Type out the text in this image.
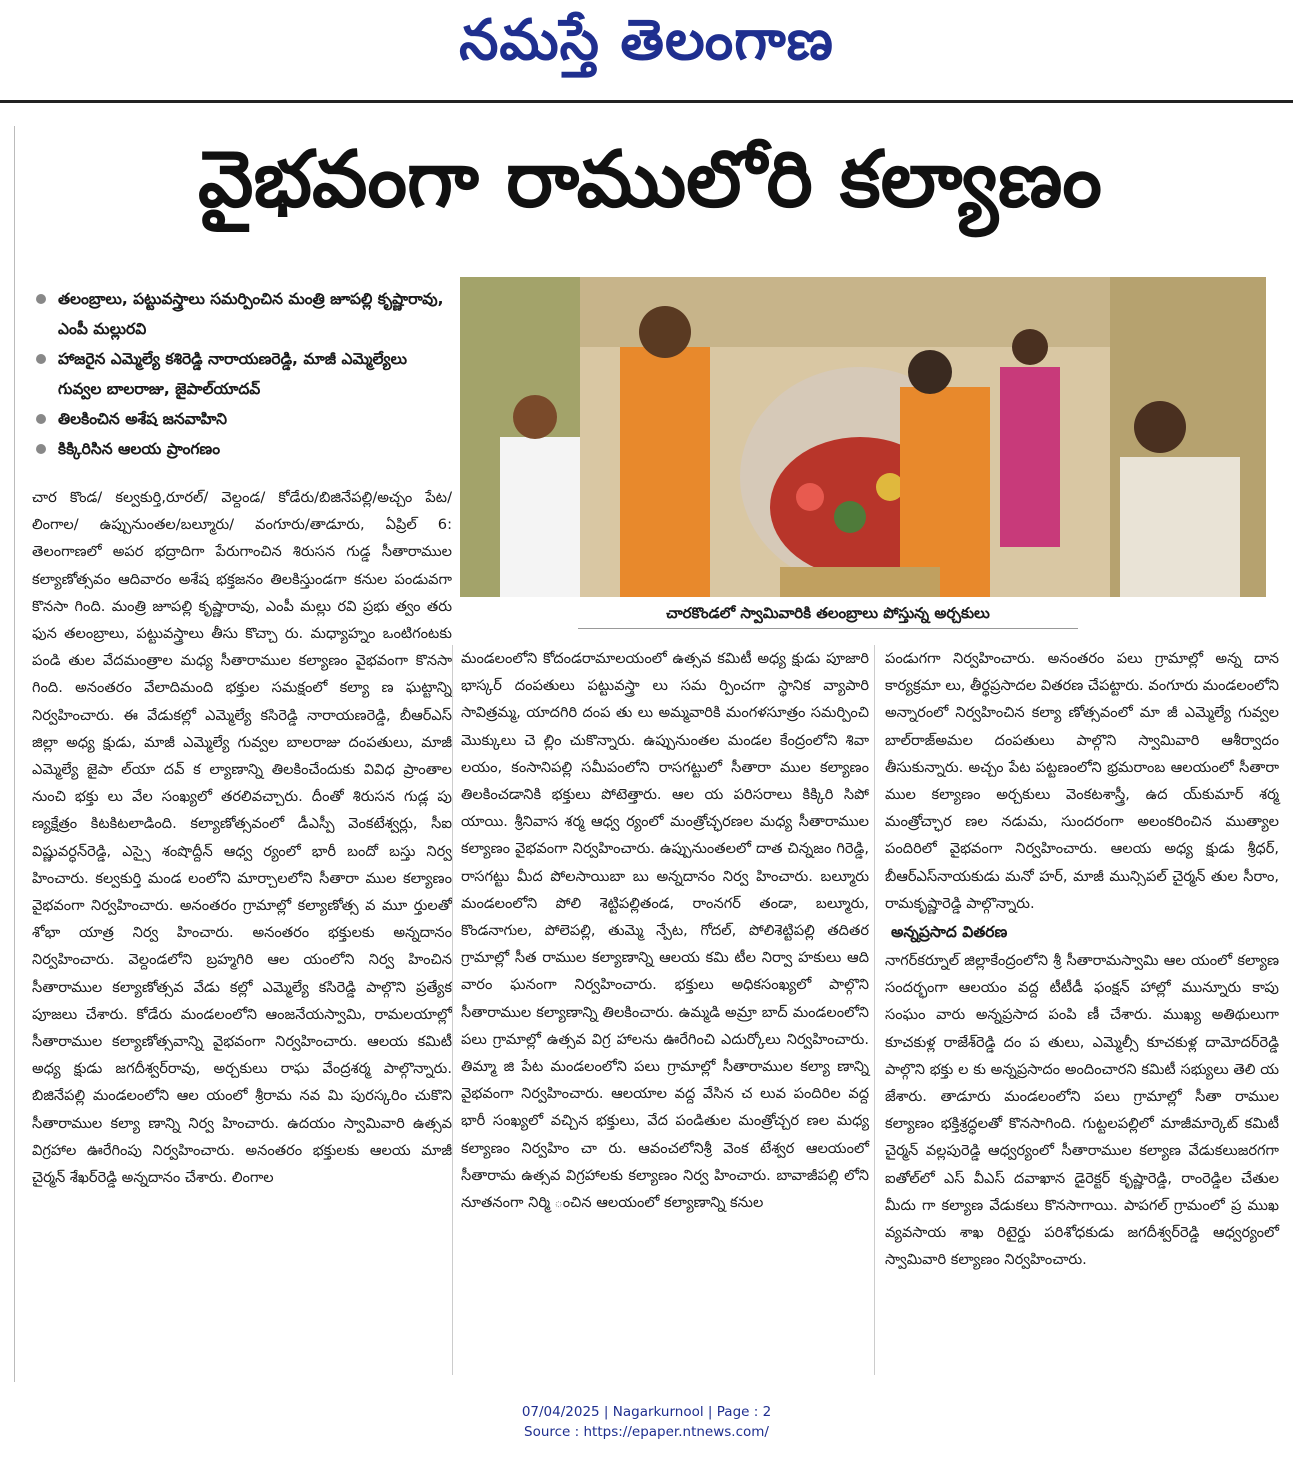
నమస్తే తెలంగాణ
వైభవంగా రాములోరి కల్యాణం
తలంబ్రాలు, పట్టువస్త్రాలు సమర్పించిన మంత్రి జూపల్లి కృష్ణారావు, ఎంపీ మల్లురవి
హాజరైన ఎమ్మెల్యే కశిరెడ్డి నారాయణరెడ్డి, మాజీ ఎమ్మెల్యేలు గువ్వల బాలరాజు, జైపాల్‌యాదవ్
తిలకించిన అశేష జనవాహిని
కిక్కిరిసిన ఆలయ ప్రాంగణం
చారకొండలో స్వామివారికి తలంబ్రాలు పోస్తున్న అర్చకులు

చార కొండ/ కల్వకుర్తి,రూరల్/ వెల్దండ/ కోడేరు/బిజినేపల్లి/అచ్చం పేట/ లింగాల/ ఉప్పునుంతల/బల్మూరు/ వంగూరు/తాడూరు, ఏప్రిల్ 6: తెలంగాణలో అపర భద్రాదిగా పేరుగాంచిన శిరుసన గుడ్డ సీతారాముల కల్యాణోత్సవం ఆదివారం అశేష భక్తజనం తిలకిస్తుండగా కనుల పండువగా కొనసా గింది. మంత్రి జూపల్లి కృష్ణారావు, ఎంపీ మల్లు రవి ప్రభు త్వం తరు ఫున తలంబ్రాలు, పట్టువస్త్రాలు తీసు కొచ్చా రు. మధ్యాహ్నం ఒంటిగంటకు పండి తుల వేదమంత్రాల మధ్య సీతారాముల కల్యాణం వైభవంగా కొనసా గింది. అనంతరం వేలాదిమంది భక్తుల సమక్షంలో కల్యా ణ ఘట్టాన్ని నిర్వహించారు. ఈ వేడుకల్లో ఎమ్మెల్యే కసిరెడ్డి నారాయణరెడ్డి, బీఆర్‌ఎస్ జిల్లా అధ్య క్షుడు, మాజీ ఎమ్మెల్యే గువ్వల బాలరాజు దంపతులు, మాజీ ఎమ్మెల్యే జైపా ల్‌యా దవ్ క ల్యాణాన్ని తిలకించేందుకు వివిధ ప్రాంతాల నుంచి భక్తు లు వేల సంఖ్యలో తరలివచ్చారు. దీంతో శిరుసన గుడ్ల పు ణ్యక్షేత్రం కిటకిటలాడింది. కల్యాణోత్సవంలో డీఎస్పీ వెంకటేశ్వర్లు, సీఐ విష్ణువర్ధన్‌రెడ్డి, ఎస్సై శంషొద్దీన్ ఆధ్వ ర్యంలో భారీ బందో బస్తు నిర్వ హించారు. కల్వకుర్తి మండ లంలోని మార్చాలలోని సీతారా ముల కల్యాణం వైభవంగా నిర్వహించారు. అనంతరం గ్రామాల్లో కల్యాణోత్స వ మూ ర్తులతో శోభా యాత్ర నిర్వ హించారు. అనంతరం భక్తులకు అన్నదానం నిర్వహించారు. వెల్దండలోని బ్రహ్మగిరి ఆల యంలోని నిర్వ హించిన సీతారాముల కల్యాణోత్సవ వేడు కల్లో ఎమ్మెల్యే కసిరెడ్డి పాల్గొని ప్రత్యేక పూజలు చేశారు. కోడేరు మండలంలోని ఆంజనేయస్వామి, రామలయాల్లో సీతారాముల కల్యాణోత్సవాన్ని వైభవంగా నిర్వహించారు. ఆలయ కమిటీ అధ్య క్షుడు జగదీశ్వర్‌రావు, అర్చకులు రాఘ వేంద్రశర్మ పాల్గొన్నారు. బిజినేపల్లి మండలంలోని ఆల యంలో శ్రీరామ నవ మి పురస్కరిం చుకొని సీతారాముల కల్యా ణాన్ని నిర్వ హించారు. ఉదయం స్వామివారి ఉత్సవ విగ్రహాల ఊరేగింపు నిర్వహించారు. అనంతరం భక్తులకు ఆలయ మాజీ చైర్మన్ శేఖర్‌రెడ్డి అన్నదానం చేశారు. లింగాల

మండలంలోని కోదండరామాలయంలో ఉత్సవ కమిటీ అధ్య క్షుడు పూజారి భాస్కర్ దంపతులు పట్టువస్త్రా లు సమ ర్పించగా స్థానిక వ్యాపారి సావిత్రమ్మ, యాదగిరి దంప తు లు అమ్మవారికి మంగళసూత్రం సమర్పించి మొక్కులు చె ల్లిం చుకొన్నారు. ఉప్పునుంతల మండల కేంద్రంలోని శివా లయం, కంసానిపల్లి సమీపంలోని రాసగట్టులో సీతారా ముల కల్యాణం తిలకించడానికి భక్తులు పోటెత్తారు. ఆల య పరిసరాలు కిక్కిరి సిపో యాయి. శ్రీనివాస శర్మ ఆధ్వ ర్యంలో మంత్రోచ్ఛరణల మధ్య సీతారాముల కల్యాణం వైభవంగా నిర్వహించారు. ఉప్పునుంతలలో దాత చిన్నజం గిరెడ్డి, రాసగట్టు మీద పోలసాయిబా బు అన్నదానం నిర్వ హించారు. బల్మూరు మండలంలోని పోలి శెట్టిపల్లితండ, రాంనగర్ తండా, బల్మూరు, కొండనాగుల, పోలెపల్లి, తుమ్మె న్పేట, గోదల్, పోలిశెట్టిపల్లి తదితర గ్రామాల్లో సీత రాముల కల్యాణాన్ని ఆలయ కమి టీల నిర్వా హకులు ఆది వారం ఘనంగా నిర్వహించారు. భక్తులు అధికసంఖ్యలో పాల్గొని సీతారాముల కల్యాణాన్ని తిలకించారు. ఉమ్మడి అమ్రా బాద్ మండలంలోని పలు గ్రామాల్లో ఉత్సవ విగ్ర హాలను ఊరేగించి ఎదుర్కోలు నిర్వహించారు. తిమ్మా జి పేట మండలంలోని పలు గ్రామాల్లో సీతారాముల కల్యా ణాన్ని వైభవంగా నిర్వహించారు. ఆలయాల వద్ద వేసిన చ లువ పందిరిల వద్ద భారీ సంఖ్యలో వచ్చిన భక్తులు, వేద పండితుల మంత్రోచ్చర ణల మధ్య కల్యాణం నిర్వహిం చా రు. ఆవంచలోనిశ్రీ వెంక టేశ్వర ఆలయంలో సీతారామ ఉత్సవ విగ్రహాలకు కల్యాణం నిర్వ హించారు. బావాజీపల్లి లోని నూతనంగా నిర్మి ంచిన ఆలయంలో కల్యాణాన్ని కనుల

పండుగగా నిర్వహించారు. అనంతరం పలు గ్రామాల్లో అన్న దాన కార్యక్రమా లు, తీర్థప్రసాదల వితరణ చేపట్టారు. వంగూరు మండలంలోని అన్నారంలో నిర్వహించిన కల్యా ణోత్సవంలో మా జీ ఎమ్మెల్యే గువ్వల బాల్‌రాజ్‌అమల దంపతులు పాల్గొని స్వామివారి ఆశీర్వాదం తీసుకున్నారు. అచ్చం పేట పట్టణంలోని భ్రమరాంబ ఆలయంలో సీతారా ముల కల్యాణం అర్చకులు వెంకటశాస్త్రీ, ఉద య్‌కుమార్ శర్మ మంత్రోచ్ఛార ణల నడుమ, సుందరంగా అలంకరించిన ముత్యాల పందిరిలో వైభవంగా నిర్వహించారు. ఆలయ అధ్య క్షుడు శ్రీధర్, బీఆర్‌ఎస్‌నాయకుడు మనో హర్, మాజీ మున్సిపల్ చైర్మన్ తుల సీరాం, రామకృష్ణారెడ్డి పాల్గొన్నారు.

అన్నప్రసాద వితరణ

నాగర్‌కర్నూల్ జిల్లాకేంద్రంలోని శ్రీ సీతారామస్వామి ఆల యంలో కల్యాణ సందర్భంగా ఆలయం వద్ద టీటీడీ ఫంక్షన్ హాల్లో మున్నూరు కాపు సంఘం వారు అన్నప్రసాద పంపి ణీ చేశారు. ముఖ్య అతిథులుగా కూచకుళ్ల రాజేశ్‌రెడ్డి దం ప తులు, ఎమ్మెల్సీ కూచకుళ్ల దామోదర్‌రెడ్డి పాల్గొని భక్తు ల కు అన్నప్రసాదం అందించారని కమిటీ సభ్యులు తెలి య జేశారు. తాడూరు మండలంలోని పలు గ్రామాల్లో సీతా రాముల కల్యాణం భక్తిశ్రద్ధలతో కొనసాగింది. గుట్టలపల్లిలో మాజీమార్కెట్ కమిటీ చైర్మన్ వల్లపురెడ్డి ఆధ్వర్యంలో సీతారాముల కల్యాణ వేడుకలుజరగగా ఐతోల్‌లో ఎస్ వీఎస్ దవాఖాన డైరెక్టర్ కృష్ణారెడ్డి, రాంరెడ్డిల చేతుల మీదు గా కల్యాణ వేడుకలు కొనసాగాయి. పాపగల్ గ్రామంలో ప్ర ముఖ వ్యవసాయ శాఖ రిటైర్డు పరిశోధకుడు జగదీశ్వర్‌రెడ్డి ఆధ్వర్యంలో స్వామివారి కల్యాణం నిర్వహించారు.

07/04/2025 | Nagarkurnool | Page : 2
Source : https://epaper.ntnews.com/
